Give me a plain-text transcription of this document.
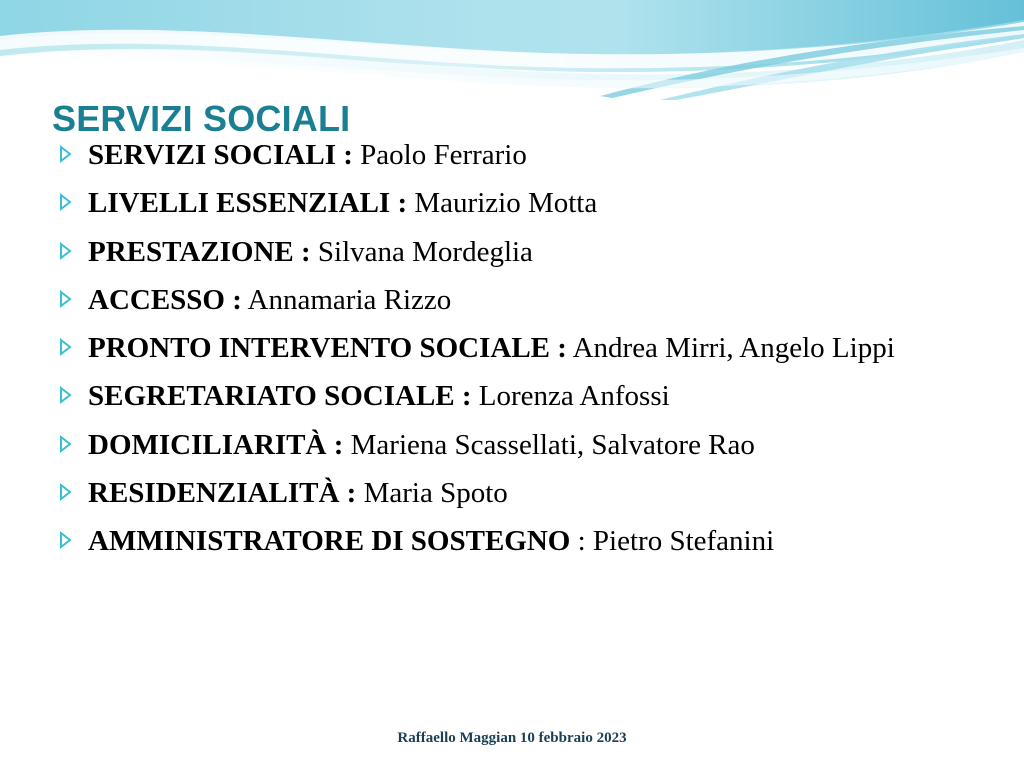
SERVIZI SOCIALI
SERVIZI SOCIALI : Paolo Ferrario
LIVELLI ESSENZIALI : Maurizio Motta
PRESTAZIONE : Silvana Mordeglia
ACCESSO : Annamaria Rizzo
PRONTO INTERVENTO SOCIALE : Andrea Mirri, Angelo Lippi
SEGRETARIATO SOCIALE : Lorenza Anfossi
DOMICILIARITÀ : Mariena Scassellati, Salvatore Rao
RESIDENZIALITÀ : Maria Spoto
AMMINISTRATORE DI SOSTEGNO : Pietro Stefanini
Raffaello Maggian 10 febbraio 2023
